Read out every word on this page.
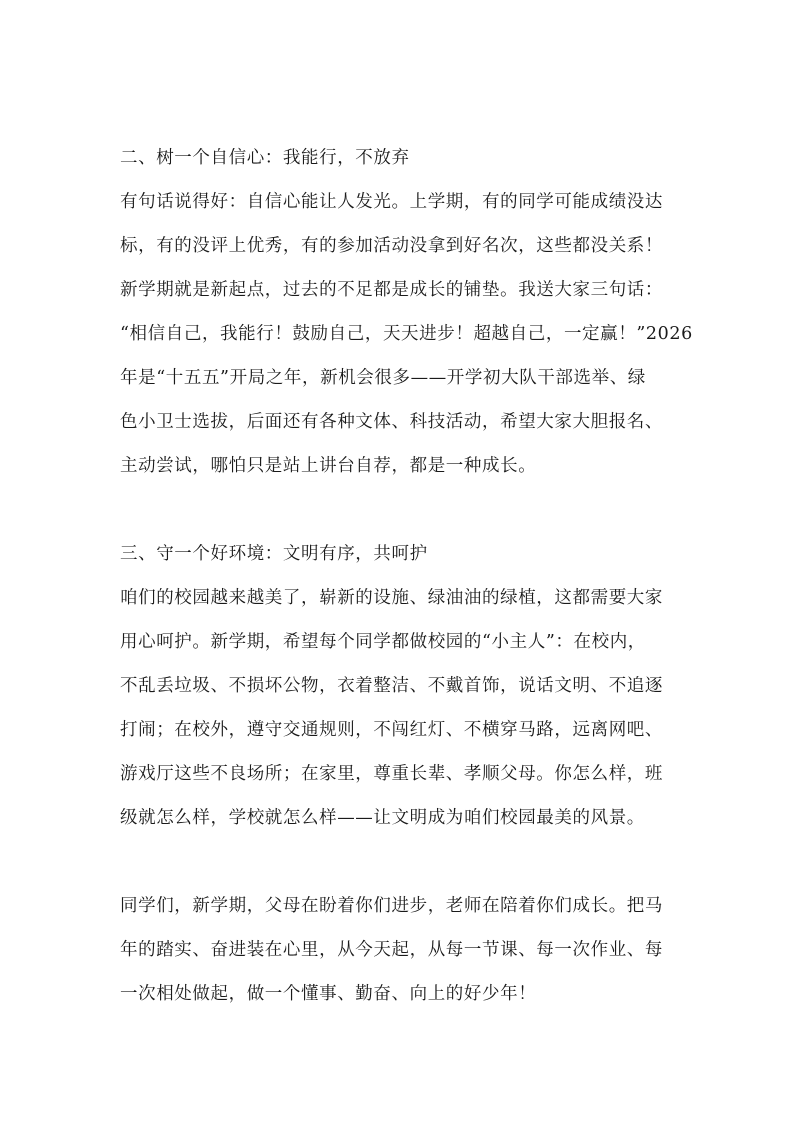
二、树一个自信心：我能行，不放弃
有句话说得好：自信心能让人发光。上学期，有的同学可能成绩没达
标，有的没评上优秀，有的参加活动没拿到好名次，这些都没关系！
新学期就是新起点，过去的不足都是成长的铺垫。我送大家三句话：
“相信自己，我能行！鼓励自己，天天进步！超越自己，一定赢！”2026
年是“十五五”开局之年，新机会很多——开学初大队干部选举、绿
色小卫士选拔，后面还有各种文体、科技活动，希望大家大胆报名、
主动尝试，哪怕只是站上讲台自荐，都是一种成长。
三、守一个好环境：文明有序，共呵护
咱们的校园越来越美了，崭新的设施、绿油油的绿植，这都需要大家
用心呵护。新学期，希望每个同学都做校园的“小主人”：在校内，
不乱丢垃圾、不损坏公物，衣着整洁、不戴首饰，说话文明、不追逐
打闹；在校外，遵守交通规则，不闯红灯、不横穿马路，远离网吧、
游戏厅这些不良场所；在家里，尊重长辈、孝顺父母。你怎么样，班
级就怎么样，学校就怎么样——让文明成为咱们校园最美的风景。
同学们，新学期，父母在盼着你们进步，老师在陪着你们成长。把马
年的踏实、奋进装在心里，从今天起，从每一节课、每一次作业、每
一次相处做起，做一个懂事、勤奋、向上的好少年！
